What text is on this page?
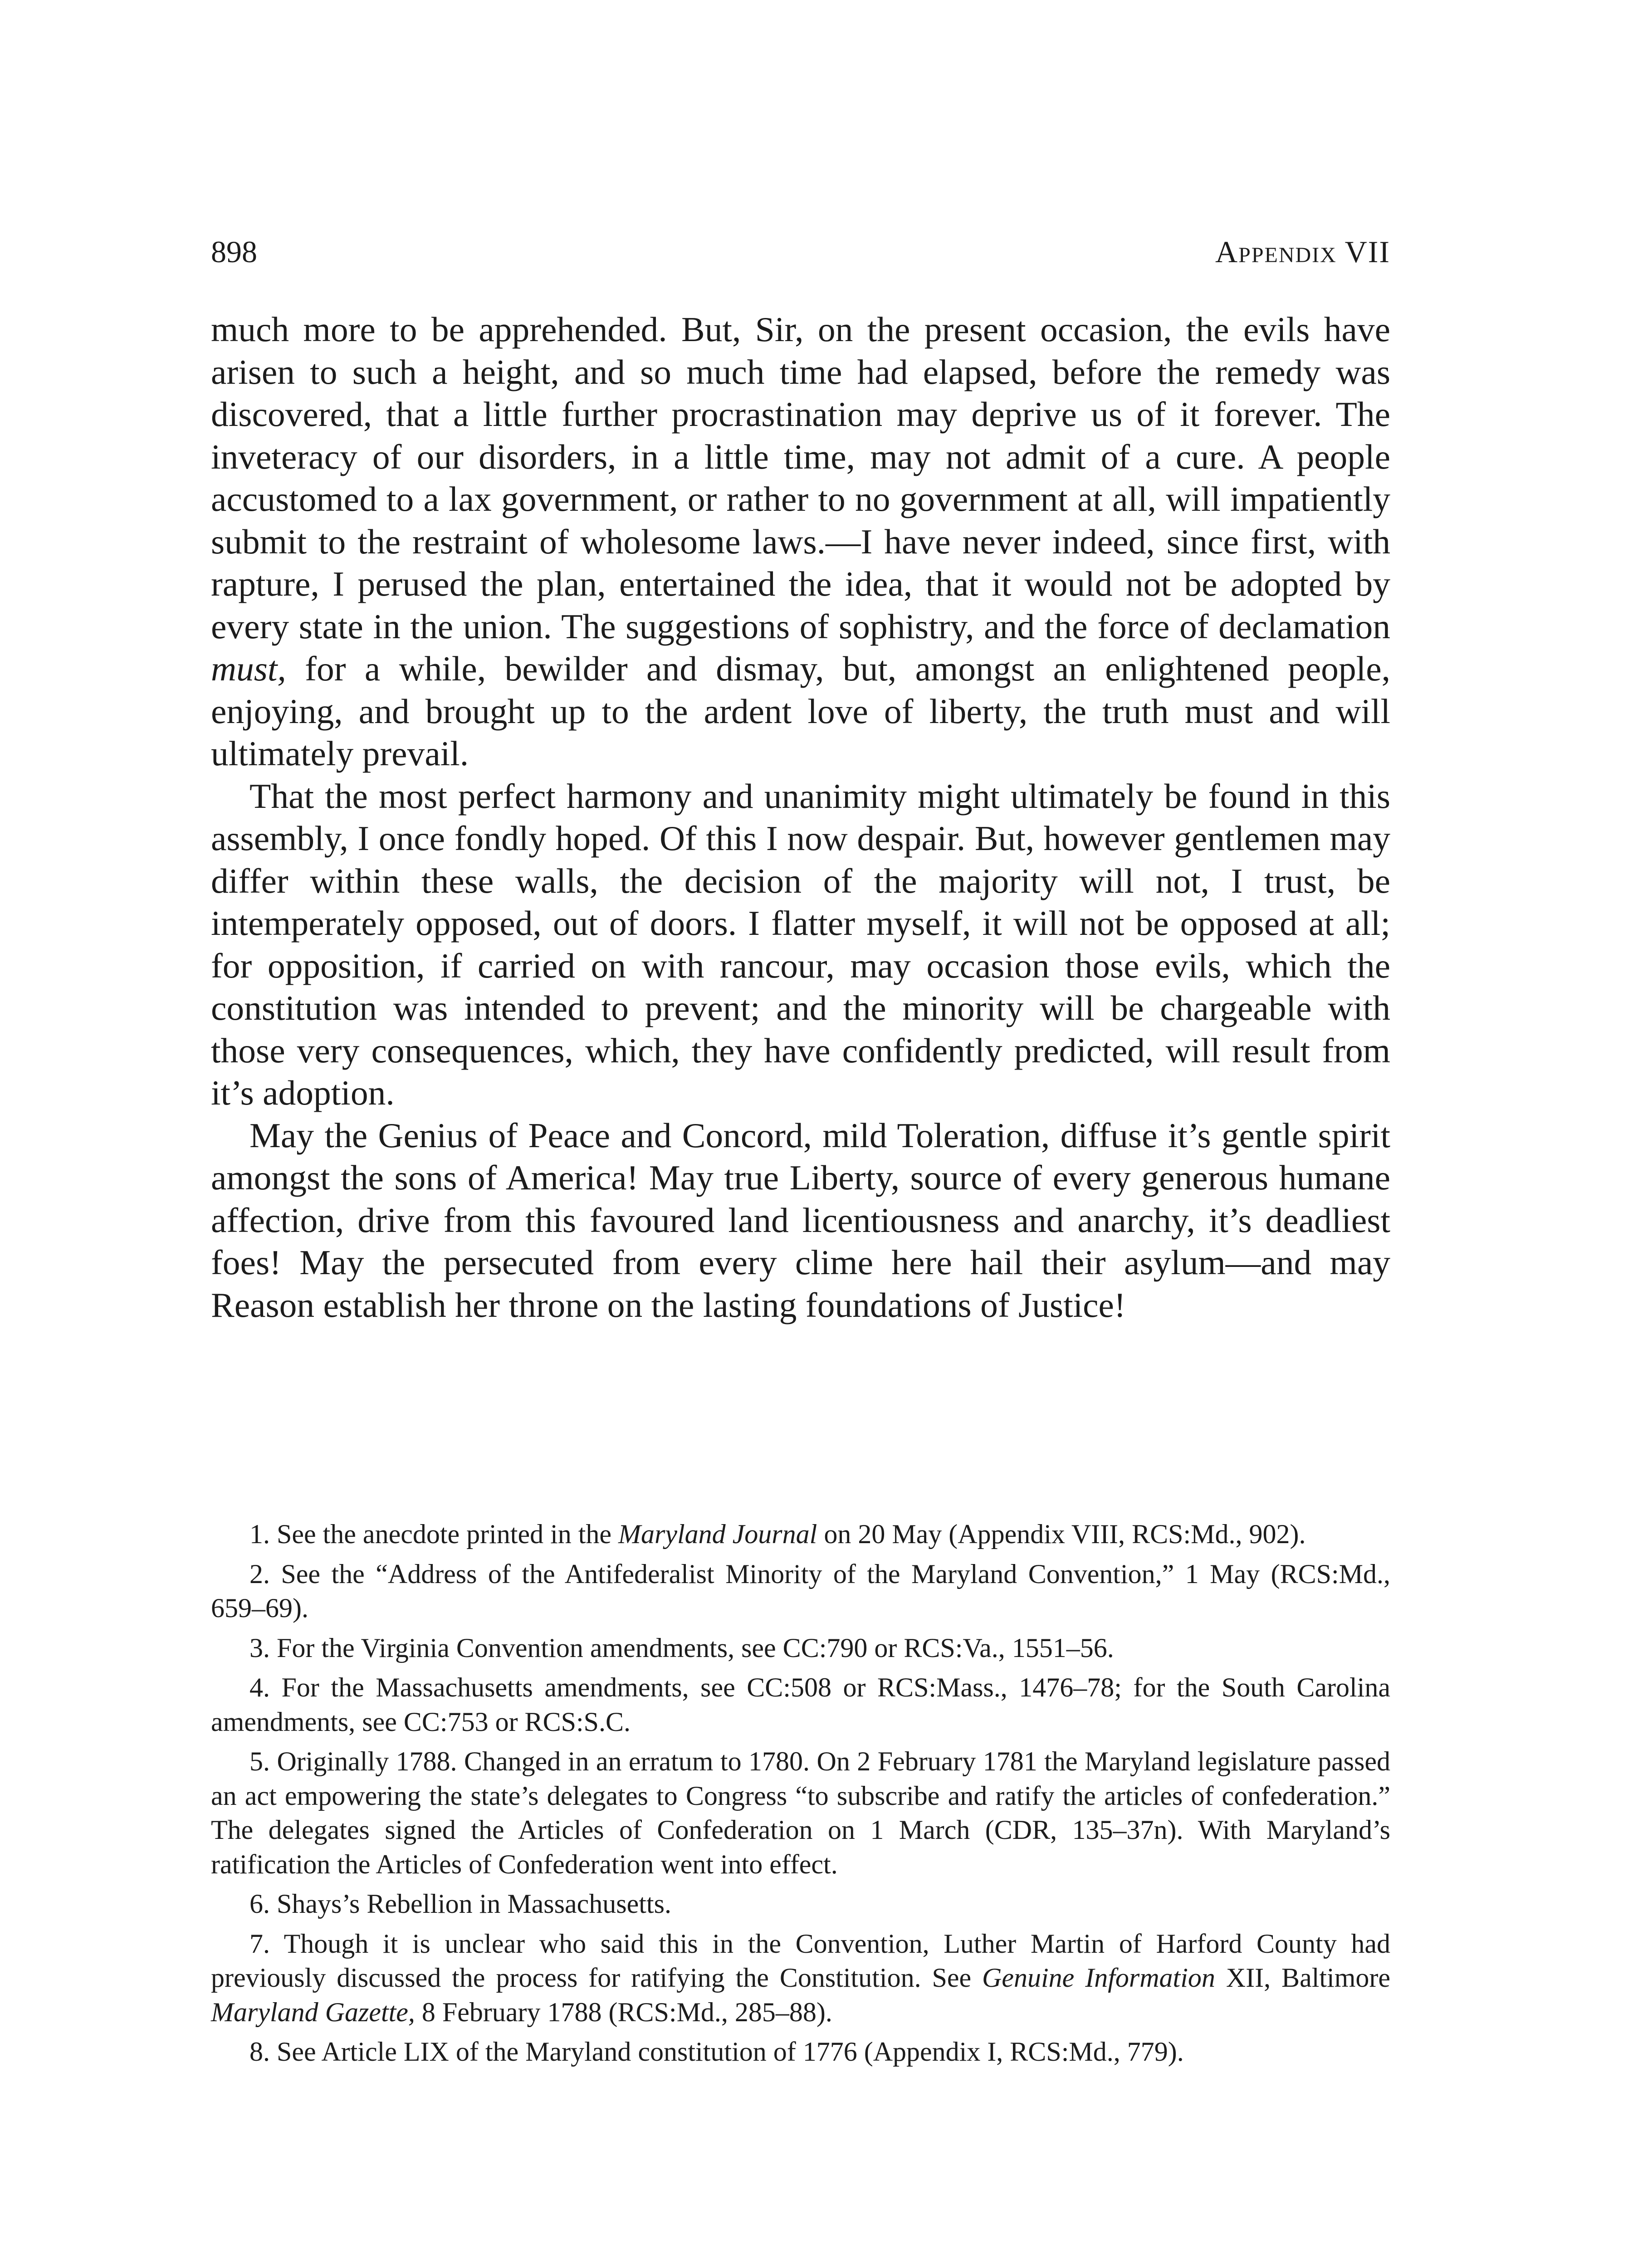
898	Appendix VII

much more to be apprehended. But, Sir, on the present occasion, the evils have arisen to such a height, and so much time had elapsed, before the remedy was discovered, that a little further procrastination may deprive us of it forever. The inveteracy of our disorders, in a little time, may not admit of a cure. A people accustomed to a lax government, or rather to no government at all, will impatiently submit to the restraint of wholesome laws.—I have never indeed, since first, with rapture, I perused the plan, entertained the idea, that it would not be adopted by every state in the union. The suggestions of sophistry, and the force of declamation must, for a while, bewilder and dismay, but, amongst an enlightened people, enjoying, and brought up to the ardent love of liberty, the truth must and will ultimately prevail.

That the most perfect harmony and unanimity might ultimately be found in this assembly, I once fondly hoped. Of this I now despair. But, however gentlemen may differ within these walls, the decision of the majority will not, I trust, be intemperately opposed, out of doors. I flatter myself, it will not be opposed at all; for opposition, if carried on with rancour, may occasion those evils, which the constitution was intended to prevent; and the minority will be chargeable with those very consequences, which, they have confidently predicted, will result from it’s adoption.

May the Genius of Peace and Concord, mild Toleration, diffuse it’s gentle spirit amongst the sons of America! May true Liberty, source of every generous humane affection, drive from this favoured land licentiousness and anarchy, it’s deadliest foes! May the persecuted from every clime here hail their asylum—and may Reason establish her throne on the lasting foundations of Justice!

1. See the anecdote printed in the Maryland Journal on 20 May (Appendix VIII, RCS:Md., 902).

2. See the “Address of the Antifederalist Minority of the Maryland Convention,” 1 May (RCS:Md., 659–69).

3. For the Virginia Convention amendments, see CC:790 or RCS:Va., 1551–56.

4. For the Massachusetts amendments, see CC:508 or RCS:Mass., 1476–78; for the South Carolina amendments, see CC:753 or RCS:S.C.

5. Originally 1788. Changed in an erratum to 1780. On 2 February 1781 the Maryland legislature passed an act empowering the state’s delegates to Congress “to subscribe and ratify the articles of confederation.” The delegates signed the Articles of Confederation on 1 March (CDR, 135–37n). With Maryland’s ratification the Articles of Confederation went into effect.

6. Shays’s Rebellion in Massachusetts.

7. Though it is unclear who said this in the Convention, Luther Martin of Harford County had previously discussed the process for ratifying the Constitution. See Genuine Information XII, Baltimore Maryland Gazette, 8 February 1788 (RCS:Md., 285–88).

8. See Article LIX of the Maryland constitution of 1776 (Appendix I, RCS:Md., 779).
